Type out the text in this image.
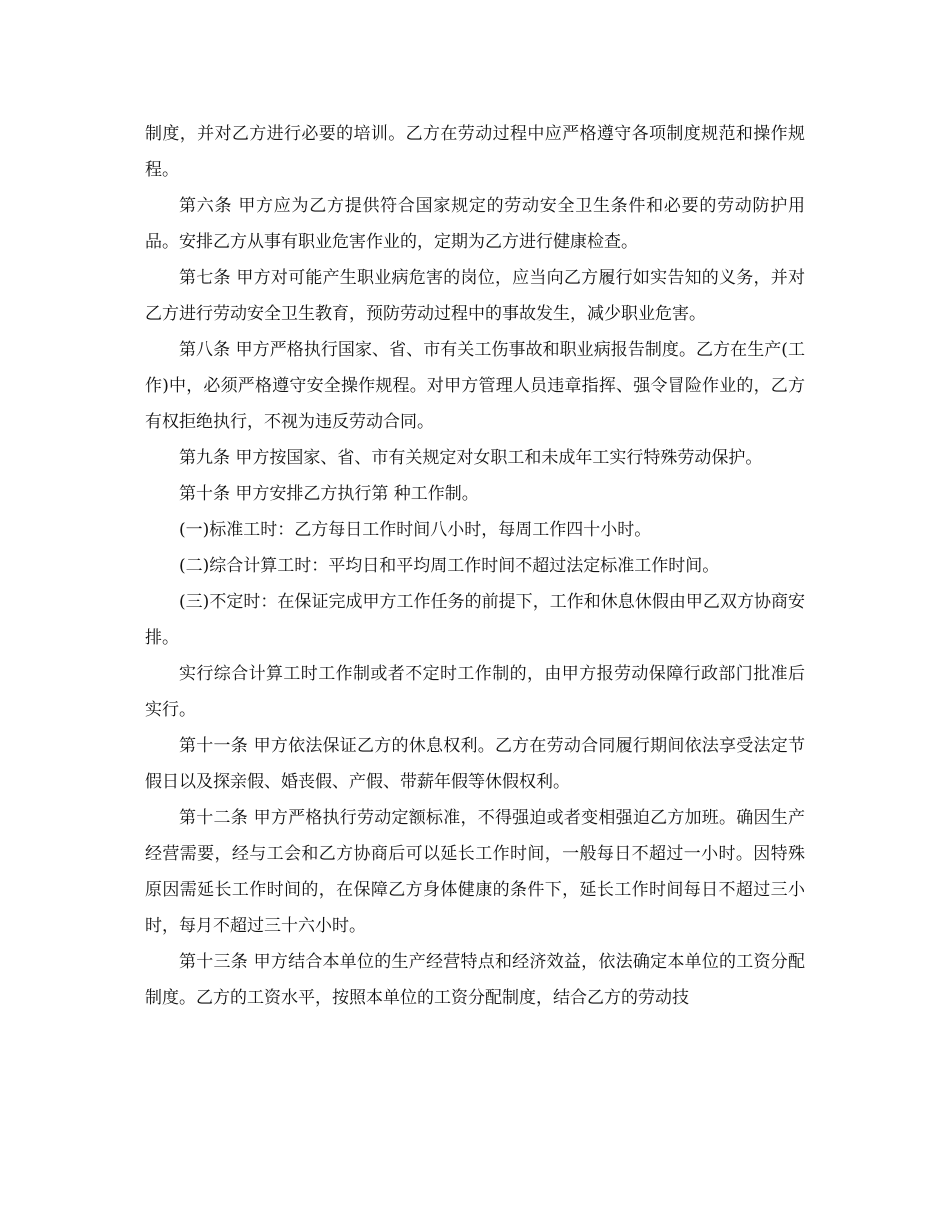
制度，并对乙方进行必要的培训。乙方在劳动过程中应严格遵守各项制度规范和操作规程。

第六条 甲方应为乙方提供符合国家规定的劳动安全卫生条件和必要的劳动防护用品。安排乙方从事有职业危害作业的，定期为乙方进行健康检查。

第七条 甲方对可能产生职业病危害的岗位，应当向乙方履行如实告知的义务，并对乙方进行劳动安全卫生教育，预防劳动过程中的事故发生，减少职业危害。

第八条 甲方严格执行国家、省、市有关工伤事故和职业病报告制度。乙方在生产(工作)中，必须严格遵守安全操作规程。对甲方管理人员违章指挥、强令冒险作业的，乙方有权拒绝执行，不视为违反劳动合同。

第九条 甲方按国家、省、市有关规定对女职工和未成年工实行特殊劳动保护。

第十条 甲方安排乙方执行第 种工作制。

(一)标准工时：乙方每日工作时间八小时，每周工作四十小时。

(二)综合计算工时：平均日和平均周工作时间不超过法定标准工作时间。

(三)不定时：在保证完成甲方工作任务的前提下，工作和休息休假由甲乙双方协商安排。

实行综合计算工时工作制或者不定时工作制的，由甲方报劳动保障行政部门批准后实行。

第十一条 甲方依法保证乙方的休息权利。乙方在劳动合同履行期间依法享受法定节假日以及探亲假、婚丧假、产假、带薪年假等休假权利。

第十二条 甲方严格执行劳动定额标准，不得强迫或者变相强迫乙方加班。确因生产经营需要，经与工会和乙方协商后可以延长工作时间，一般每日不超过一小时。因特殊原因需延长工作时间的，在保障乙方身体健康的条件下，延长工作时间每日不超过三小时，每月不超过三十六小时。

第十三条 甲方结合本单位的生产经营特点和经济效益，依法确定本单位的工资分配制度。乙方的工资水平，按照本单位的工资分配制度，结合乙方的劳动技
